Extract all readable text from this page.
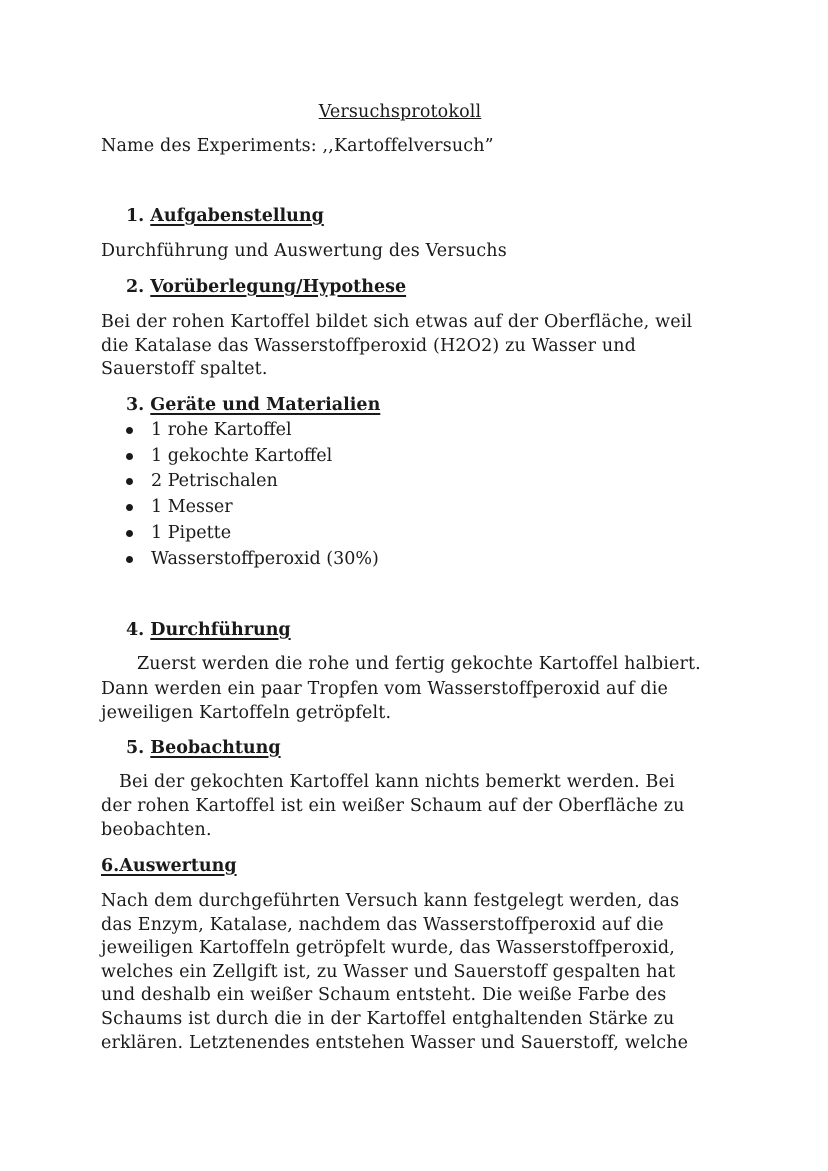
Versuchsprotokoll
Name des Experiments: ,,Kartoffelversuch”
1. Aufgabenstellung
Durchführung und Auswertung des Versuchs
2. Vorüberlegung/Hypothese
Bei der rohen Kartoffel bildet sich etwas auf der Oberfläche, weil
die Katalase das Wasserstoffperoxid (H2O2) zu Wasser und
Sauerstoff spaltet.
3. Geräte und Materialien
1 rohe Kartoffel
1 gekochte Kartoffel
2 Petrischalen
1 Messer
1 Pipette
Wasserstoffperoxid (30%)
4. Durchführung
Zuerst werden die rohe und fertig gekochte Kartoffel halbiert.
Dann werden ein paar Tropfen vom Wasserstoffperoxid auf die
jeweiligen Kartoffeln getröpfelt.
5. Beobachtung
Bei der gekochten Kartoffel kann nichts bemerkt werden. Bei
der rohen Kartoffel ist ein weißer Schaum auf der Oberfläche zu
beobachten.
6.Auswertung
Nach dem durchgeführten Versuch kann festgelegt werden, das
das Enzym, Katalase, nachdem das Wasserstoffperoxid auf die
jeweiligen Kartoffeln getröpfelt wurde, das Wasserstoffperoxid,
welches ein Zellgift ist, zu Wasser und Sauerstoff gespalten hat
und deshalb ein weißer Schaum entsteht. Die weiße Farbe des
Schaums ist durch die in der Kartoffel entghaltenden Stärke zu
erklären. Letztenendes entstehen Wasser und Sauerstoff, welche
